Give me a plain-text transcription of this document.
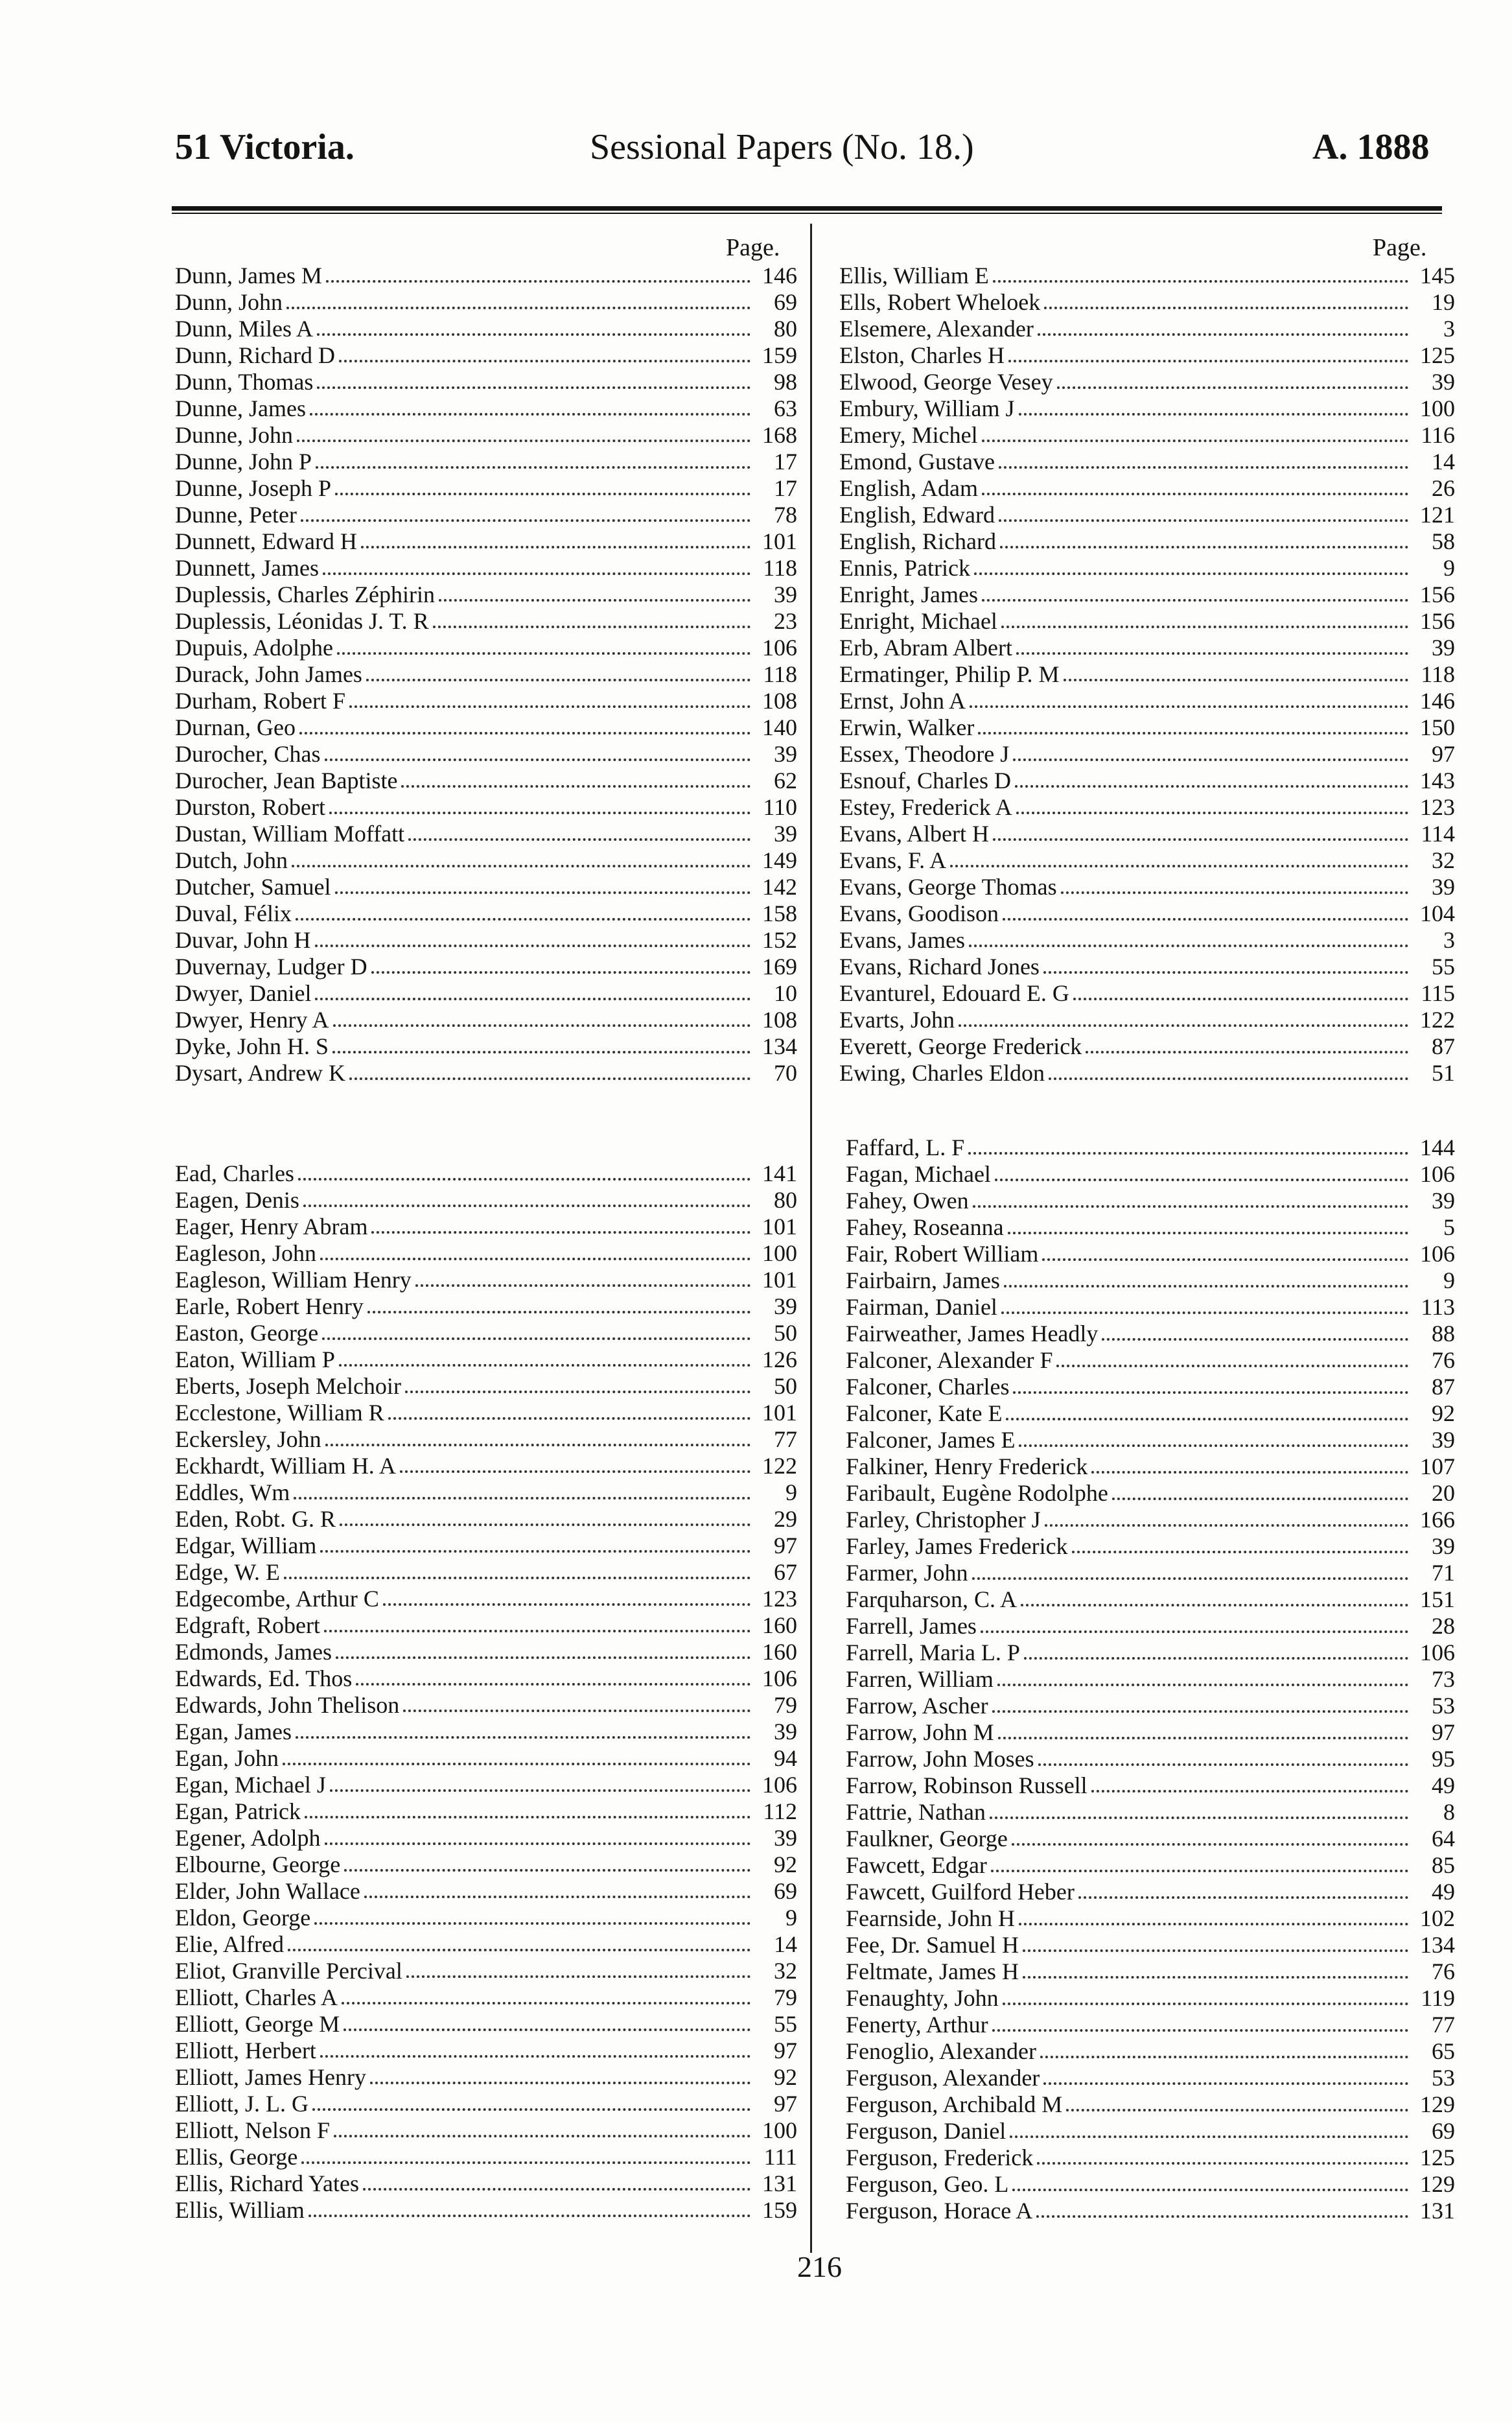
51 Victoria.	Sessional Papers (No. 18.)	A. 1888
Page.	Page.
Dunn, James M	146
Dunn, John	69
Dunn, Miles A	80
Dunn, Richard D	159
Dunn, Thomas	98
Dunne, James	63
Dunne, John	168
Dunne, John P	17
Dunne, Joseph P	17
Dunne, Peter	78
Dunnett, Edward H	101
Dunnett, James	118
Duplessis, Charles Zéphirin	39
Duplessis, Léonidas J. T. R	23
Dupuis, Adolphe	106
Durack, John James	118
Durham, Robert F	108
Durnan, Geo	140
Durocher, Chas	39
Durocher, Jean Baptiste	62
Durston, Robert	110
Dustan, William Moffatt	39
Dutch, John	149
Dutcher, Samuel	142
Duval, Félix	158
Duvar, John H	152
Duvernay, Ludger D	169
Dwyer, Daniel	10
Dwyer, Henry A	108
Dyke, John H. S	134
Dysart, Andrew K	70
Ead, Charles	141
Eagen, Denis	80
Eager, Henry Abram	101
Eagleson, John	100
Eagleson, William Henry	101
Earle, Robert Henry	39
Easton, George	50
Eaton, William P	126
Eberts, Joseph Melchoir	50
Ecclestone, William R	101
Eckersley, John	77
Eckhardt, William H. A	122
Eddles, Wm	9
Eden, Robt. G. R	29
Edgar, William	97
Edge, W. E	67
Edgecombe, Arthur C	123
Edgraft, Robert	160
Edmonds, James	160
Edwards, Ed. Thos	106
Edwards, John Thelison	79
Egan, James	39
Egan, John	94
Egan, Michael J	106
Egan, Patrick	112
Egener, Adolph	39
Elbourne, George	92
Elder, John Wallace	69
Eldon, George	9
Elie, Alfred	14
Eliot, Granville Percival	32
Elliott, Charles A	79
Elliott, George M	55
Elliott, Herbert	97
Elliott, James Henry	92
Elliott, J. L. G	97
Elliott, Nelson F	100
Ellis, George	111
Ellis, Richard Yates	131
Ellis, William	159
Ellis, William E	145
Ells, Robert Wheloek	19
Elsemere, Alexander	3
Elston, Charles H	125
Elwood, George Vesey	39
Embury, William J	100
Emery, Michel	116
Emond, Gustave	14
English, Adam	26
English, Edward	121
English, Richard	58
Ennis, Patrick	9
Enright, James	156
Enright, Michael	156
Erb, Abram Albert	39
Ermatinger, Philip P. M	118
Ernst, John A	146
Erwin, Walker	150
Essex, Theodore J	97
Esnouf, Charles D	143
Estey, Frederick A	123
Evans, Albert H	114
Evans, F. A	32
Evans, George Thomas	39
Evans, Goodison	104
Evans, James	3
Evans, Richard Jones	55
Evanturel, Edouard E. G	115
Evarts, John	122
Everett, George Frederick	87
Ewing, Charles Eldon	51
Faffard, L. F	144
Fagan, Michael	106
Fahey, Owen	39
Fahey, Roseanna	5
Fair, Robert William	106
Fairbairn, James	9
Fairman, Daniel	113
Fairweather, James Headly	88
Falconer, Alexander F	76
Falconer, Charles	87
Falconer, Kate E	92
Falconer, James E	39
Falkiner, Henry Frederick	107
Faribault, Eugène Rodolphe	20
Farley, Christopher J	166
Farley, James Frederick	39
Farmer, John	71
Farquharson, C. A	151
Farrell, James	28
Farrell, Maria L. P	106
Farren, William	73
Farrow, Ascher	53
Farrow, John M	97
Farrow, John Moses	95
Farrow, Robinson Russell	49
Fattrie, Nathan	8
Faulkner, George	64
Fawcett, Edgar	85
Fawcett, Guilford Heber	49
Fearnside, John H	102
Fee, Dr. Samuel H	134
Feltmate, James H	76
Fenaughty, John	119
Fenerty, Arthur	77
Fenoglio, Alexander	65
Ferguson, Alexander	53
Ferguson, Archibald M	129
Ferguson, Daniel	69
Ferguson, Frederick	125
Ferguson, Geo. L	129
Ferguson, Horace A	131
216
